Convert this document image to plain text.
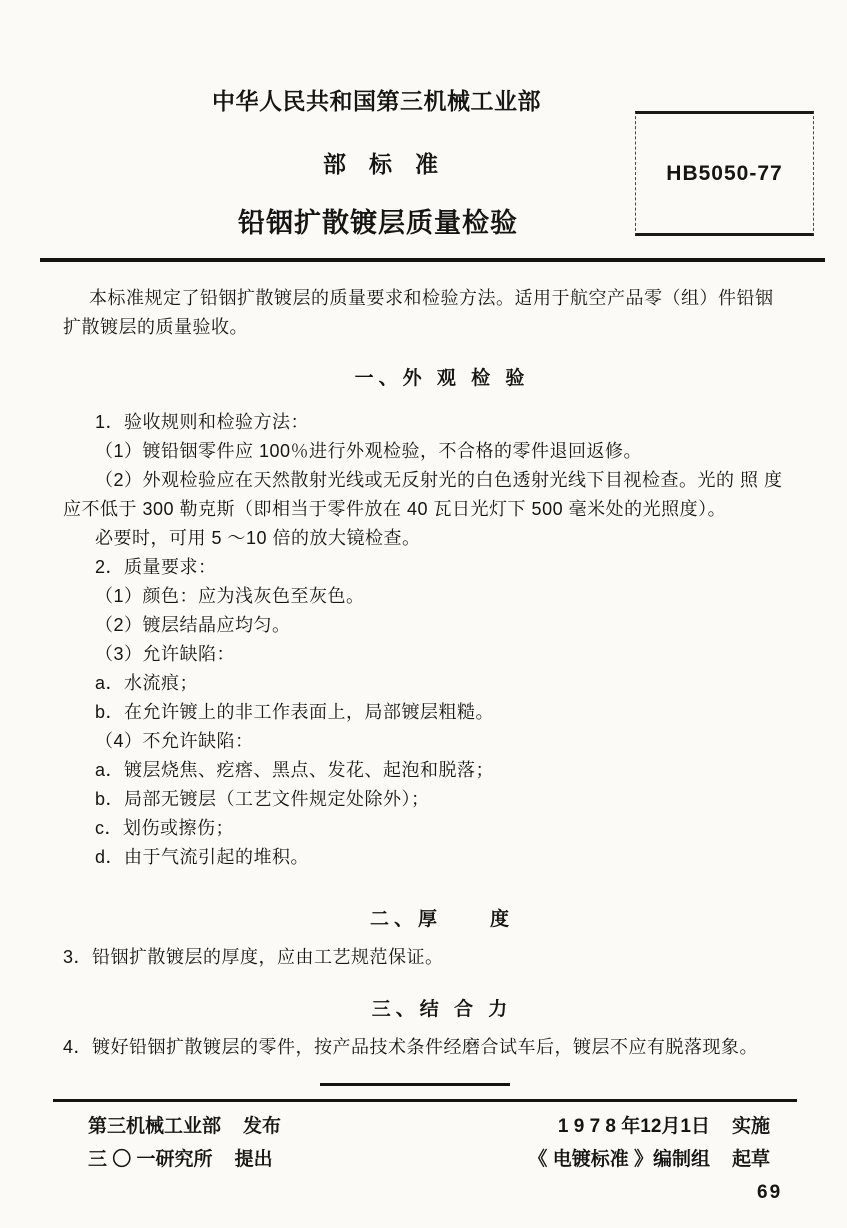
中华人民共和国第三机械工业部
部　标　准	HB5050-77
铅铟扩散镀层质量检验
本标准规定了铅铟扩散镀层的质量要求和检验方法。适用于航空产品零（组）件铅铟
扩散镀层的质量验收。
一、外 观 检 验
1．验收规则和检验方法：
（1）镀铅铟零件应 100％进行外观检验，不合格的零件退回返修。
（2）外观检验应在天然散射光线或无反射光的白色透射光线下目视检查。光的 照 度
应不低于 300 勒克斯（即相当于零件放在 40 瓦日光灯下 500 毫米处的光照度）。
必要时，可用 5 ～10 倍的放大镜检查。
2．质量要求：
（1）颜色：应为浅灰色至灰色。
（2）镀层结晶应均匀。
（3）允许缺陷：
a．水流痕；
b．在允许镀上的非工作表面上，局部镀层粗糙。
（4）不允许缺陷：
a．镀层烧焦、疙瘩、黑点、发花、起泡和脱落；
b．局部无镀层（工艺文件规定处除外）；
c．划伤或擦伤；
d．由于气流引起的堆积。
二、厚　　度
3．铅铟扩散镀层的厚度，应由工艺规范保证。
三、结 合 力
4．镀好铅铟扩散镀层的零件，按产品技术条件经磨合试车后，镀层不应有脱落现象。
第三机械工业部 发布
三 〇 一研究所 提出
1 9 7 8 年12月1日 实施
《 电镀标准 》编制组 起草
69
